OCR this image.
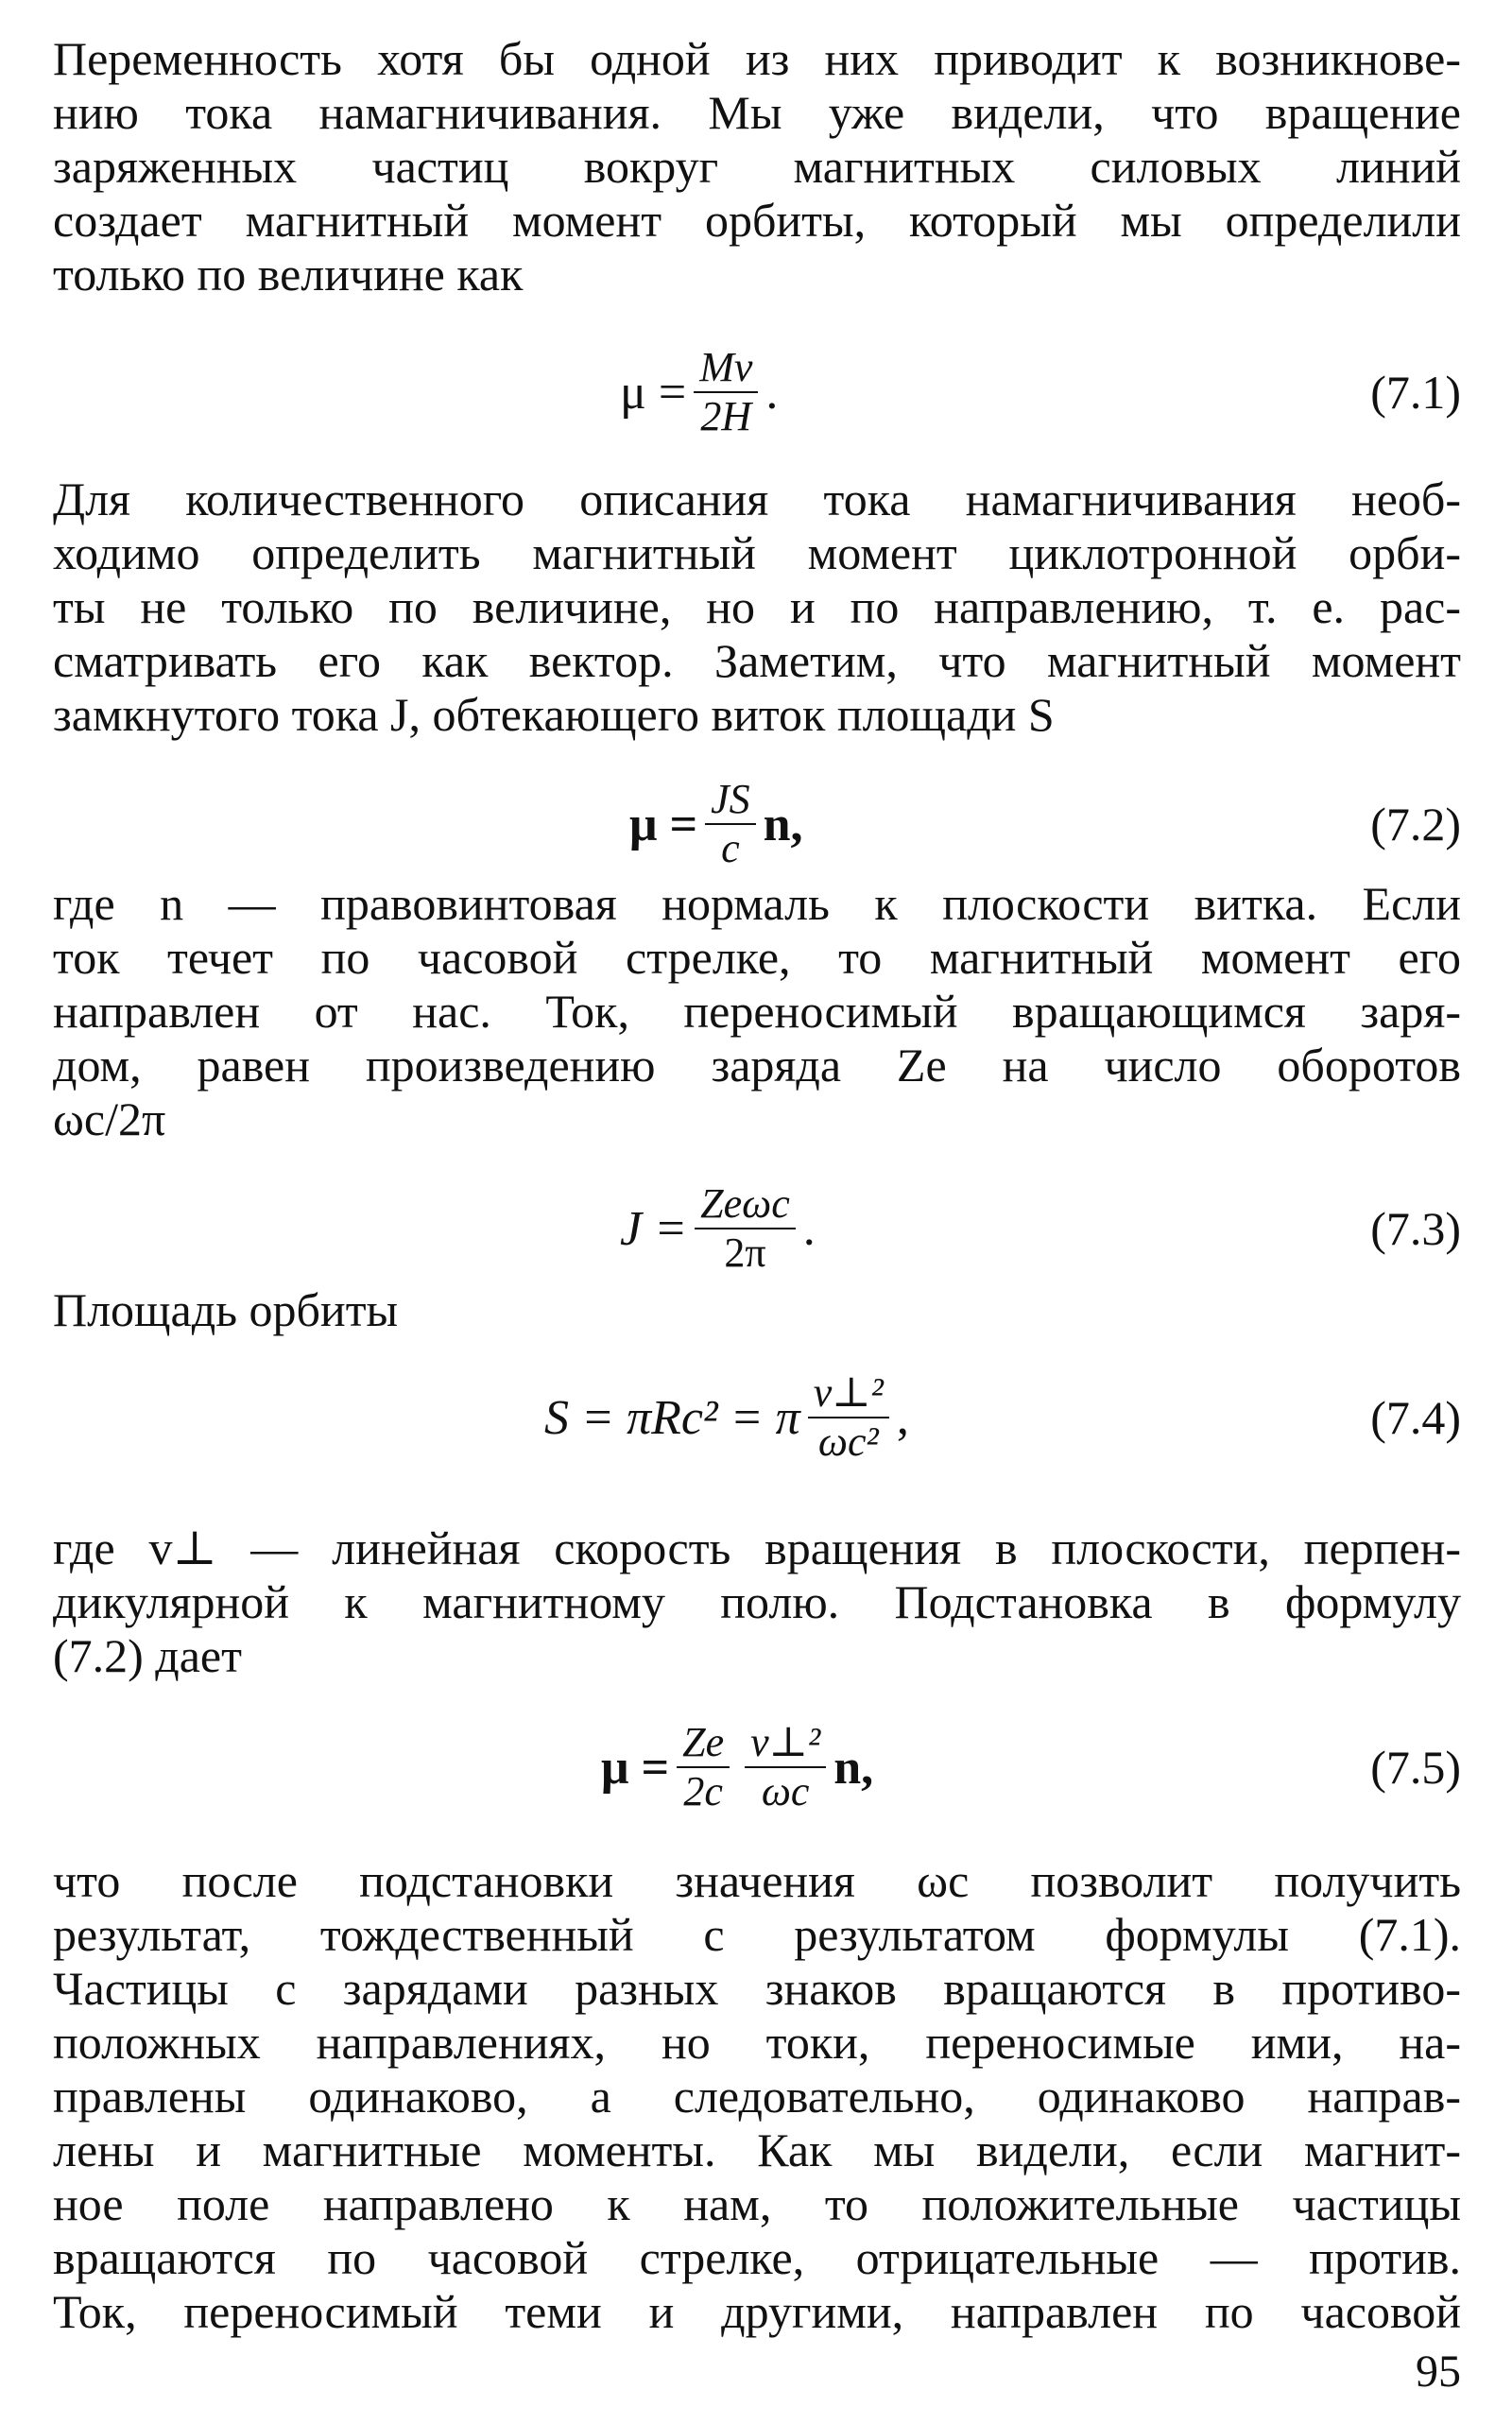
Переменность хотя бы одной из них приводит к возникнове-
нию тока намагничивания. Мы уже видели, что вращение
заряженных частиц вокруг магнитных силовых линий
создает магнитный момент орбиты, который мы определили
только по величине как
$\mu = \frac{Mv}{2H}$ .	(7.1)
Для количественного описания тока намагничивания необ-
ходимо определить магнитный момент циклотронной орби-
ты не только по величине, но и по направлению, т. е. рас-
сматривать его как вектор. Заметим, что магнитный момент
замкнутого тока J, обтекающего виток площади S
$\mu = \frac{JS}{c} n$,	(7.2)
где n — правовинтовая нормаль к плоскости витка. Если
ток течет по часовой стрелке, то магнитный момент его
направлен от нас. Ток, переносимый вращающимся заря-
дом, равен произведению заряда Ze на число оборотов
ωc/2π
$J = \frac{\text{Zeωc}}{2\pi}$ .	(7.3)
Площадь орбиты
S = πRc² = π $\frac{\text{v⊥²}}{\text{ωc²}}$ ,	(7.4)
где v⊥ — линейная скорость вращения в плоскости, перпен-
дикулярной к магнитному полю. Подстановка в формулу
(7.2) дает
$\mu = \frac{Ze}{2c} \frac{\text{v⊥²}}{\omega c} n$,	(7.5)
что после подстановки значения ωc позволит получить
результат, тождественный с результатом формулы (7.1).
Частицы с зарядами разных знаков вращаются в противо-
положных направлениях, но токи, переносимые ими, на-
правлены одинаково, а следовательно, одинаково направ-
лены и магнитные моменты. Как мы видели, если магнит-
ное поле направлено к нам, то положительные частицы
вращаются по часовой стрелке, отрицательные — против.
Ток, переносимый теми и другими, направлен по часовой
95
